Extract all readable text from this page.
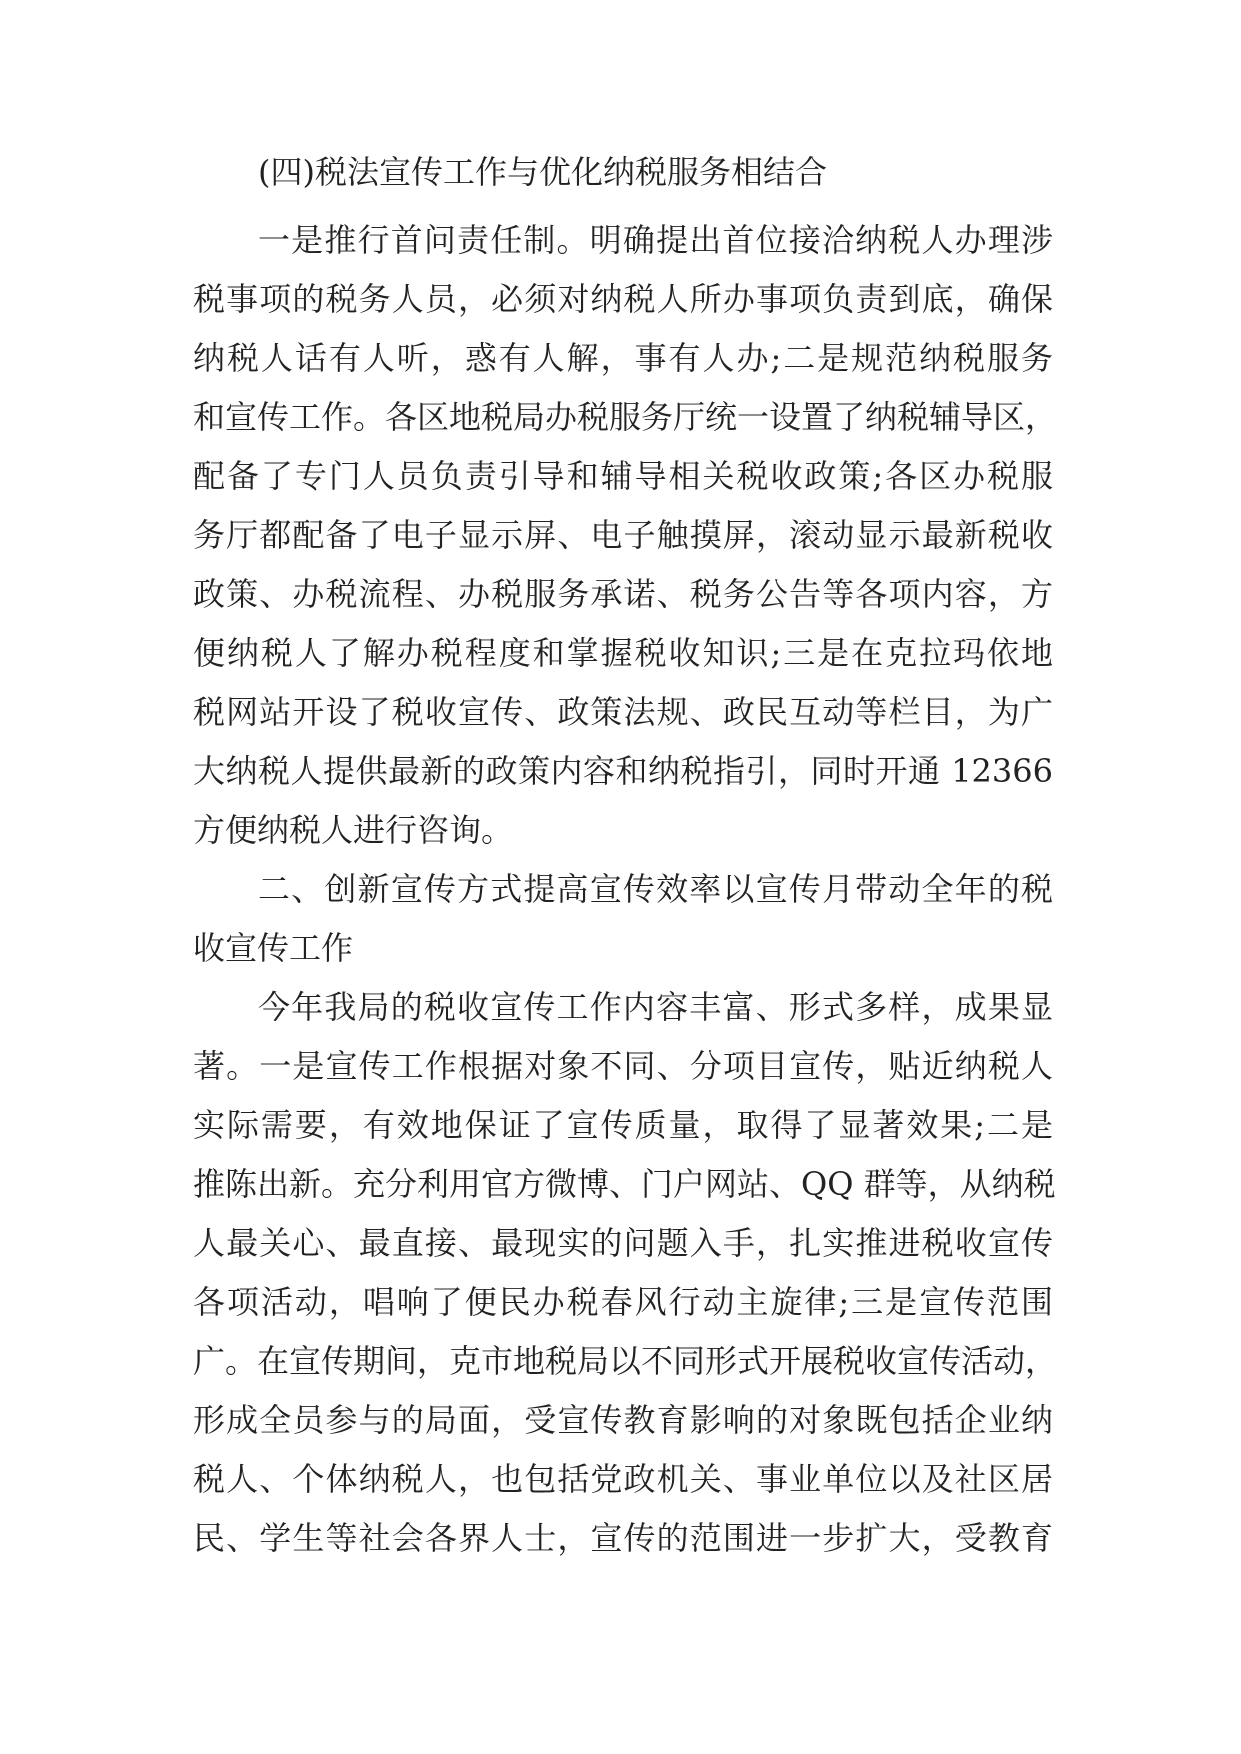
(四)税法宣传工作与优化纳税服务相结合
一是推行首问责任制。明确提出首位接洽纳税人办理涉
税事项的税务人员，必须对纳税人所办事项负责到底，确保
纳税人话有人听，惑有人解，事有人办;二是规范纳税服务
和宣传工作。各区地税局办税服务厅统一设置了纳税辅导区，
配备了专门人员负责引导和辅导相关税收政策;各区办税服
务厅都配备了电子显示屏、电子触摸屏，滚动显示最新税收
政策、办税流程、办税服务承诺、税务公告等各项内容，方
便纳税人了解办税程度和掌握税收知识;三是在克拉玛依地
税网站开设了税收宣传、政策法规、政民互动等栏目，为广
大纳税人提供最新的政策内容和纳税指引，同时开通 12366
方便纳税人进行咨询。
二、创新宣传方式提高宣传效率以宣传月带动全年的税
收宣传工作
今年我局的税收宣传工作内容丰富、形式多样，成果显
著。一是宣传工作根据对象不同、分项目宣传，贴近纳税人
实际需要，有效地保证了宣传质量，取得了显著效果;二是
推陈出新。充分利用官方微博、门户网站、QQ 群等，从纳税
人最关心、最直接、最现实的问题入手，扎实推进税收宣传
各项活动，唱响了便民办税春风行动主旋律;三是宣传范围
广。在宣传期间，克市地税局以不同形式开展税收宣传活动，
形成全员参与的局面，受宣传教育影响的对象既包括企业纳
税人、个体纳税人，也包括党政机关、事业单位以及社区居
民、学生等社会各界人士，宣传的范围进一步扩大，受教育
